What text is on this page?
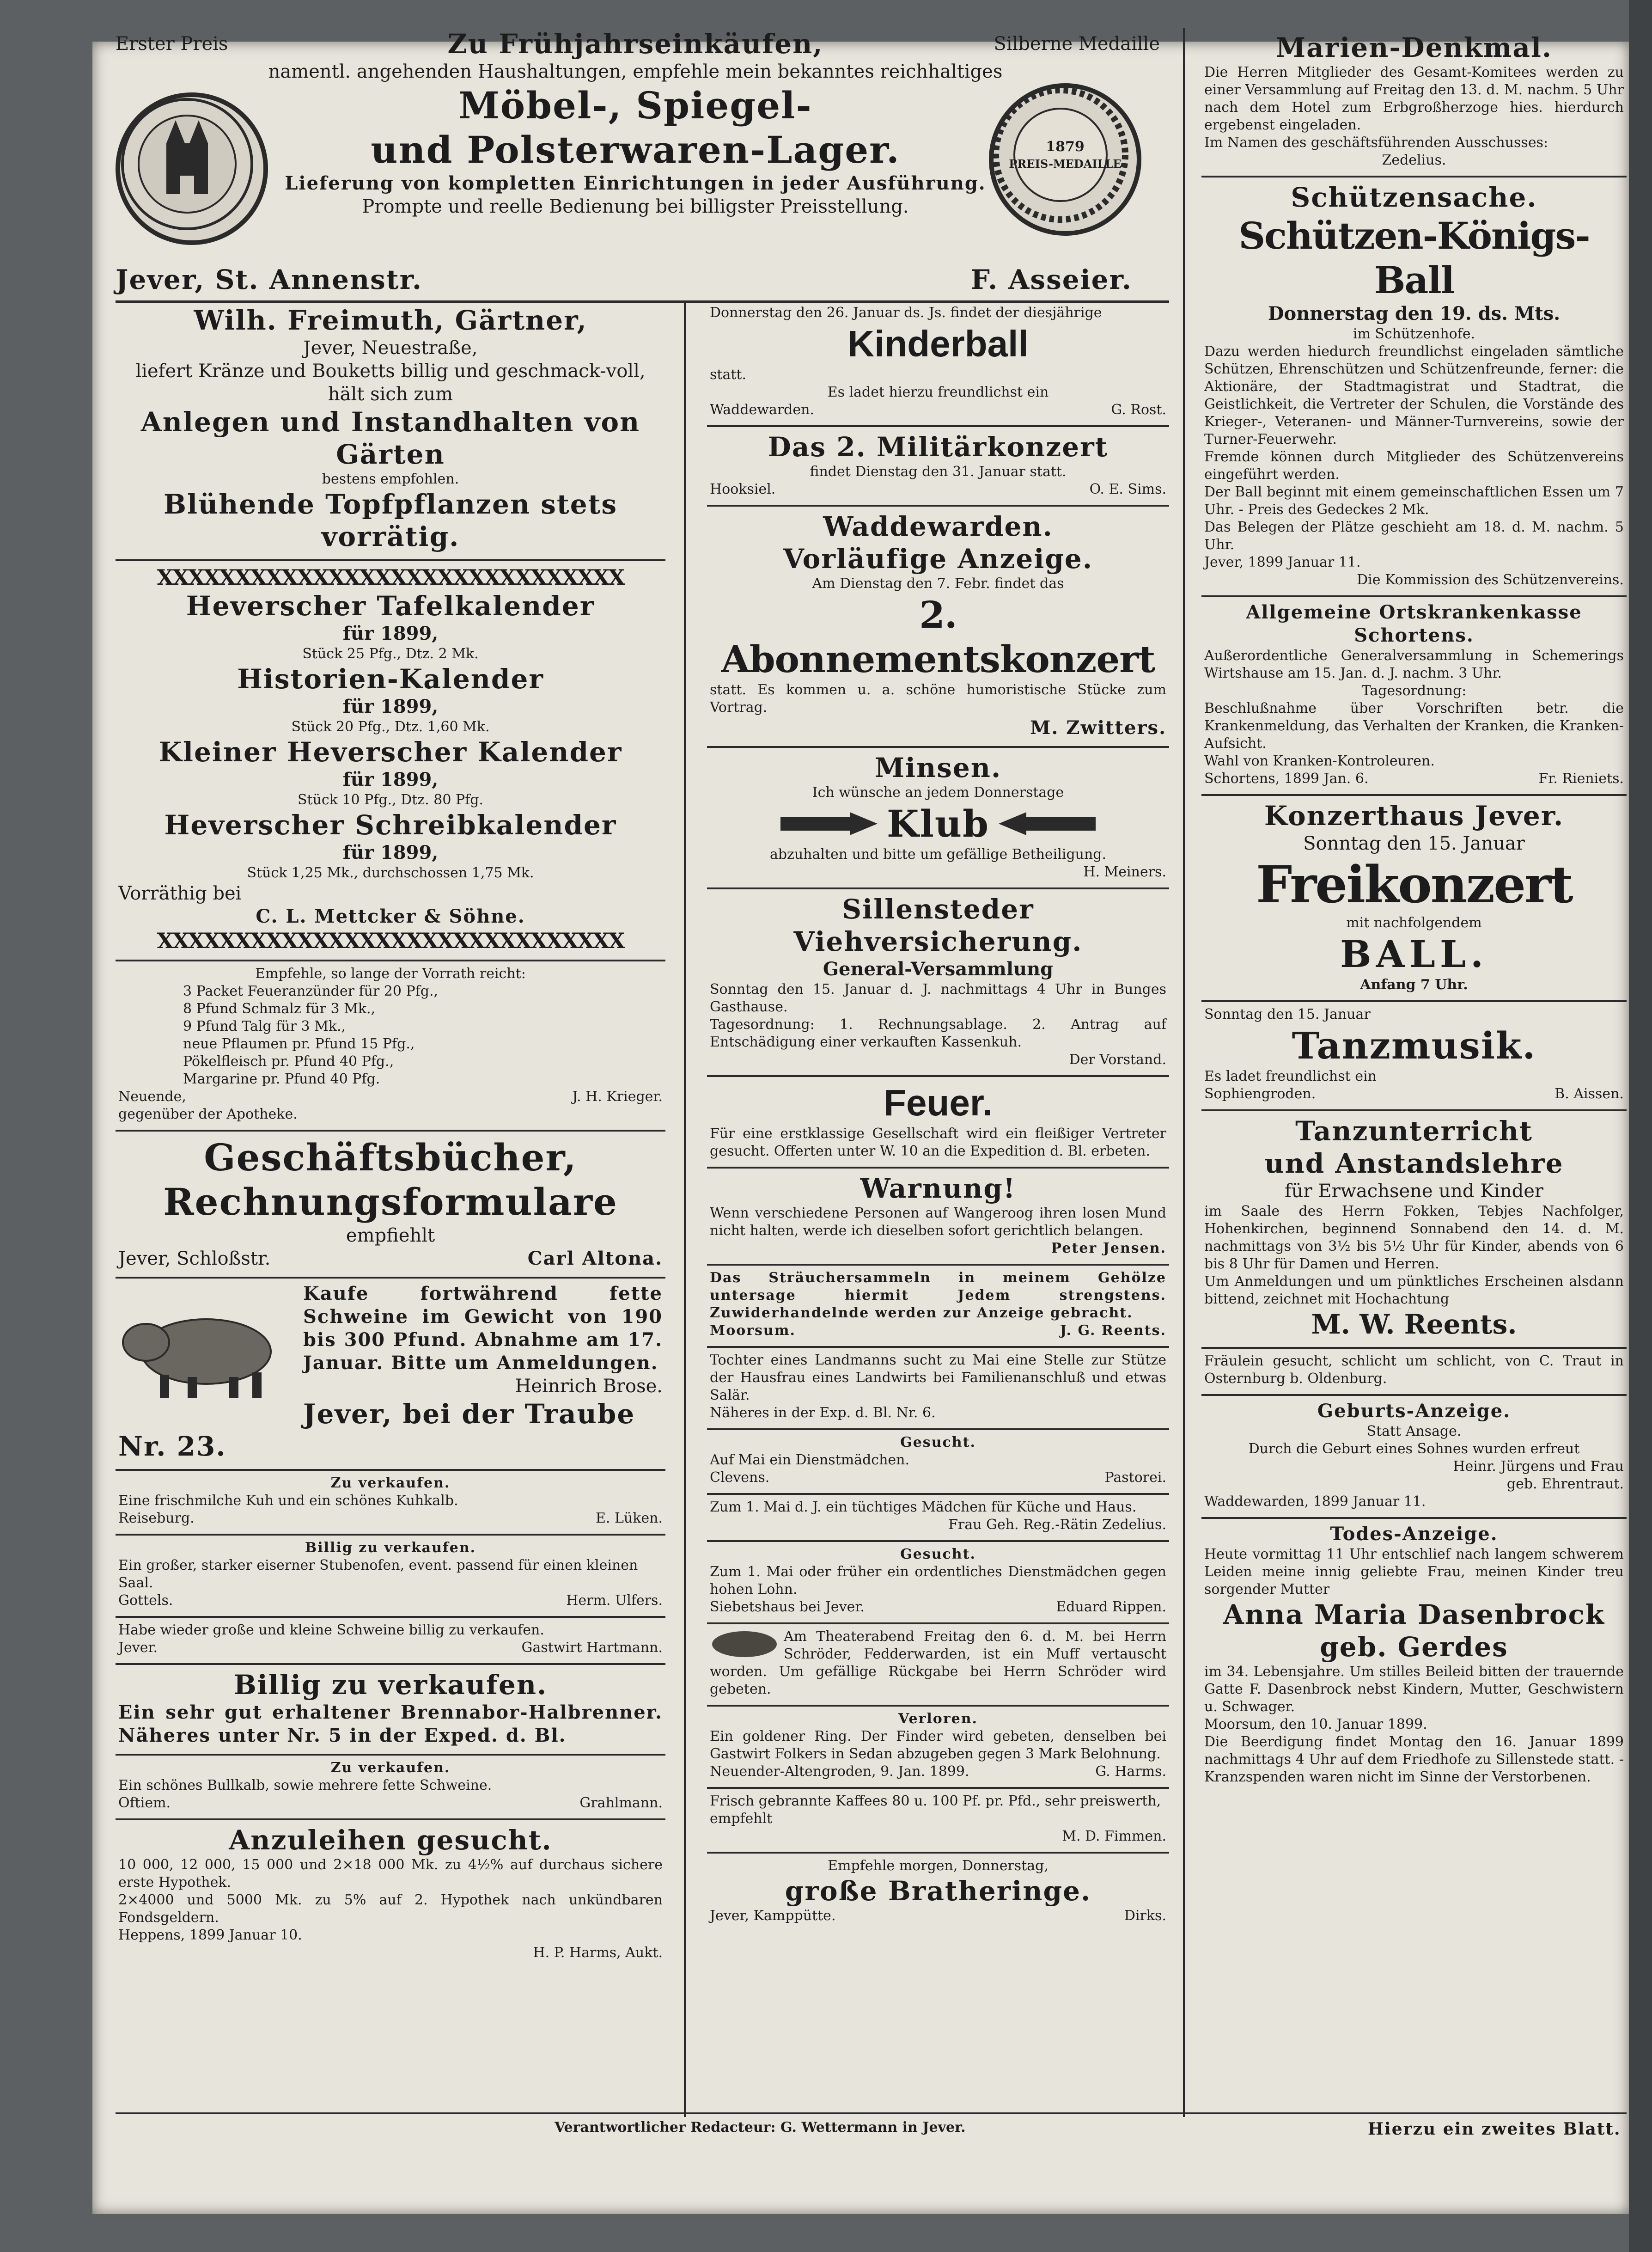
Erster Preis	Silberne Medaille
1879
PREIS-MEDAILLE
Zu Frühjahrseinkäufen,
namentl. angehenden Haushaltungen, empfehle mein bekanntes reichhaltiges
Möbel-, Spiegel-
und Polsterwaren-Lager.
Lieferung von kompletten Einrichtungen in jeder Ausführung.
Prompte und reelle Bedienung bei billigster Preisstellung.
Jever, St. Annenstr.	F. Asseier.
Wilh. Freimuth, Gärtner,
Jever, Neuestraße,
liefert Kränze und Bouketts billig und geschmack-voll, hält sich zum
Anlegen und Instandhalten von Gärten
bestens empfohlen.
Blühende Topfpflanzen stets vorrätig.
XXXXXXXXXXXXXXXXXXXXXXXXXXXXXX
Heverscher Tafelkalender
für 1899,
Stück 25 Pfg., Dtz. 2 Mk.
Historien-Kalender
für 1899,
Stück 20 Pfg., Dtz. 1,60 Mk.
Kleiner Heverscher Kalender
für 1899,
Stück 10 Pfg., Dtz. 80 Pfg.
Heverscher Schreibkalender
für 1899,
Stück 1,25 Mk., durchschossen 1,75 Mk.
Vorräthig bei
C. L. Mettcker & Söhne.
XXXXXXXXXXXXXXXXXXXXXXXXXXXXXX
Empfehle, so lange der Vorrath reicht:
3 Packet Feueranzünder für 20 Pfg.,
8 Pfund Schmalz für 3 Mk.,
9 Pfund Talg für 3 Mk.,
neue Pflaumen pr. Pfund 15 Pfg.,
Pökelfleisch pr. Pfund 40 Pfg.,
Margarine pr. Pfund 40 Pfg.
Neuende,	J. H. Krieger.
gegenüber der Apotheke.
Geschäftsbücher,
Rechnungsformulare
empfiehlt
Jever, Schloßstr.	Carl Altona.
Kaufe fortwährend fette Schweine im Gewicht von 190 bis 300 Pfund. Abnahme am 17. Januar. Bitte um Anmeldungen.
Heinrich Brose.
Jever, bei der Traube Nr. 23.
Zu verkaufen.
Eine frischmilche Kuh und ein schönes Kuhkalb.
Reiseburg.	E. Lüken.
Billig zu verkaufen.
Ein großer, starker eiserner Stubenofen, event. passend für einen kleinen Saal.
Gottels.	Herm. Ulfers.
Habe wieder große und kleine Schweine billig zu verkaufen.
Jever.	Gastwirt Hartmann.
Billig zu verkaufen.
Ein sehr gut erhaltener Brennabor-Halbrenner. Näheres unter Nr. 5 in der Exped. d. Bl.
Zu verkaufen.
Ein schönes Bullkalb, sowie mehrere fette Schweine.
Oftiem.	Grahlmann.
Anzuleihen gesucht.
10 000, 12 000, 15 000 und 2×18 000 Mk. zu 4½% auf durchaus sichere erste Hypothek.
2×4000 und 5000 Mk. zu 5% auf 2. Hypothek nach unkündbaren Fondsgeldern.
Heppens, 1899 Januar 10.
H. P. Harms, Aukt.
Donnerstag den 26. Januar ds. Js. findet der diesjährige
Kinderball
statt.
Es ladet hierzu freundlichst ein
Waddewarden.	G. Rost.
Das 2. Militärkonzert
findet Dienstag den 31. Januar statt.
Hooksiel.	O. E. Sims.
Waddewarden.
Vorläufige Anzeige.
Am Dienstag den 7. Febr. findet das
2. Abonnementskonzert
statt. Es kommen u. a. schöne humoristische Stücke zum Vortrag.
M. Zwitters.
Minsen.
Ich wünsche an jedem Donnerstage
Klub
abzuhalten und bitte um gefällige Betheiligung.
H. Meiners.
Sillensteder Viehversicherung.
General-Versammlung
Sonntag den 15. Januar d. J. nachmittags 4 Uhr in Bunges Gasthause.
Tagesordnung: 1. Rechnungsablage. 2. Antrag auf Entschädigung einer verkauften Kassenkuh.
Der Vorstand.
Feuer.
Für eine erstklassige Gesellschaft wird ein fleißiger Vertreter gesucht. Offerten unter W. 10 an die Expedition d. Bl. erbeten.
Warnung!
Wenn verschiedene Personen auf Wangeroog ihren losen Mund nicht halten, werde ich dieselben sofort gerichtlich belangen.
Peter Jensen.
Das Sträuchersammeln in meinem Gehölze untersage hiermit Jedem strengstens. Zuwiderhandelnde werden zur Anzeige gebracht.
Moorsum.	J. G. Reents.
Tochter eines Landmanns sucht zu Mai eine Stelle zur Stütze der Hausfrau eines Landwirts bei Familienanschluß und etwas Salär.
Näheres in der Exp. d. Bl. Nr. 6.
Gesucht.
Auf Mai ein Dienstmädchen.
Clevens.	Pastorei.
Zum 1. Mai d. J. ein tüchtiges Mädchen für Küche und Haus.
Frau Geh. Reg.-Rätin Zedelius.
Gesucht.
Zum 1. Mai oder früher ein ordentliches Dienstmädchen gegen hohen Lohn.
Siebetshaus bei Jever.	Eduard Rippen.
Am Theaterabend Freitag den 6. d. M. bei Herrn Schröder, Fedderwarden, ist ein Muff vertauscht worden. Um gefällige Rückgabe bei Herrn Schröder wird gebeten.
Verloren.
Ein goldener Ring. Der Finder wird gebeten, denselben bei Gastwirt Folkers in Sedan abzugeben gegen 3 Mark Belohnung.
Neuender-Altengroden, 9. Jan. 1899.	G. Harms.
Frisch gebrannte Kaffees 80 u. 100 Pf. pr. Pfd., sehr preiswerth, empfehlt
M. D. Fimmen.
Empfehle morgen, Donnerstag,
große Bratheringe.
Jever, Kamppütte.	Dirks.
Marien-Denkmal.
Die Herren Mitglieder des Gesamt-Komitees werden zu einer Versammlung auf Freitag den 13. d. M. nachm. 5 Uhr nach dem Hotel zum Erbgroßherzoge hies. hierdurch ergebenst eingeladen.
Im Namen des geschäftsführenden Ausschusses:
Zedelius.
Schützensache.
Schützen-Königs-Ball
Donnerstag den 19. ds. Mts.
im Schützenhofe.
Dazu werden hiedurch freundlichst eingeladen sämtliche Schützen, Ehrenschützen und Schützenfreunde, ferner: die Aktionäre, der Stadtmagistrat und Stadtrat, die Geistlichkeit, die Vertreter der Schulen, die Vorstände des Krieger-, Veteranen- und Männer-Turnvereins, sowie der Turner-Feuerwehr.
Fremde können durch Mitglieder des Schützenvereins eingeführt werden.
Der Ball beginnt mit einem gemeinschaftlichen Essen um 7 Uhr. - Preis des Gedeckes 2 Mk.
Das Belegen der Plätze geschieht am 18. d. M. nachm. 5 Uhr.
Jever, 1899 Januar 11.
Die Kommission des Schützenvereins.
Allgemeine Ortskrankenkasse Schortens.
Außerordentliche Generalversammlung in Schemerings Wirtshause am 15. Jan. d. J. nachm. 3 Uhr.
Tagesordnung:
Beschlußnahme über Vorschriften betr. die Krankenmeldung, das Verhalten der Kranken, die Kranken-Aufsicht.
Wahl von Kranken-Kontroleuren.
Schortens, 1899 Jan. 6.	Fr. Rieniets.
Konzerthaus Jever.
Sonntag den 15. Januar
Freikonzert
mit nachfolgendem
BALL.
Anfang 7 Uhr.
Sonntag den 15. Januar
Tanzmusik.
Es ladet freundlichst ein
Sophiengroden.	B. Aissen.
Tanzunterricht
und Anstandslehre
für Erwachsene und Kinder
im Saale des Herrn Fokken, Tebjes Nachfolger, Hohenkirchen, beginnend Sonnabend den 14. d. M. nachmittags von 3½ bis 5½ Uhr für Kinder, abends von 6 bis 8 Uhr für Damen und Herren.
Um Anmeldungen und um pünktliches Erscheinen alsdann bittend, zeichnet mit Hochachtung
M. W. Reents.
Fräulein gesucht, schlicht um schlicht, von C. Traut in Osternburg b. Oldenburg.
Geburts-Anzeige.
Statt Ansage.
Durch die Geburt eines Sohnes wurden erfreut
Heinr. Jürgens und Frau
geb. Ehrentraut.
Waddewarden, 1899 Januar 11.
Todes-Anzeige.
Heute vormittag 11 Uhr entschlief nach langem schwerem Leiden meine innig geliebte Frau, meinen Kinder treu sorgender Mutter
Anna Maria Dasenbrock
geb. Gerdes
im 34. Lebensjahre. Um stilles Beileid bitten der trauernde Gatte F. Dasenbrock nebst Kindern, Mutter, Geschwistern u. Schwager.
Moorsum, den 10. Januar 1899.
Die Beerdigung findet Montag den 16. Januar 1899 nachmittags 4 Uhr auf dem Friedhofe zu Sillenstede statt. - Kranzspenden waren nicht im Sinne der Verstorbenen.
Verantwortlicher Redacteur: G. Wettermann in Jever.	Hierzu ein zweites Blatt.
